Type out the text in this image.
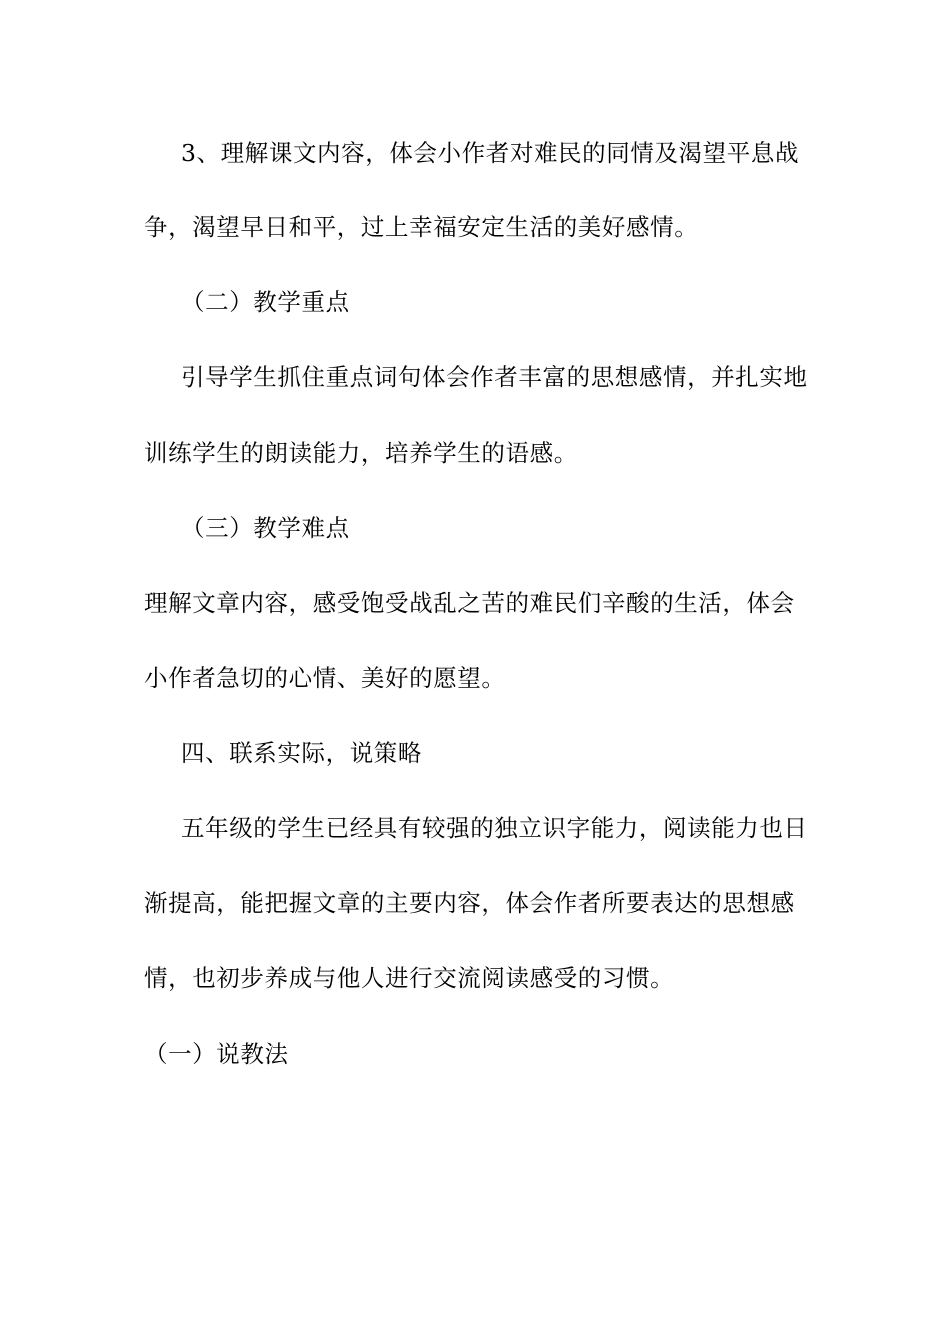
3、理解课文内容，体会小作者对难民的同情及渴望平息战
争，渴望早日和平，过上幸福安定生活的美好感情。
（二）教学重点
引导学生抓住重点词句体会作者丰富的思想感情，并扎实地
训练学生的朗读能力，培养学生的语感。
（三）教学难点
理解文章内容，感受饱受战乱之苦的难民们辛酸的生活，体会
小作者急切的心情、美好的愿望。
四、联系实际，说策略
五年级的学生已经具有较强的独立识字能力，阅读能力也日
渐提高，能把握文章的主要内容，体会作者所要表达的思想感
情，也初步养成与他人进行交流阅读感受的习惯。
（一）说教法
